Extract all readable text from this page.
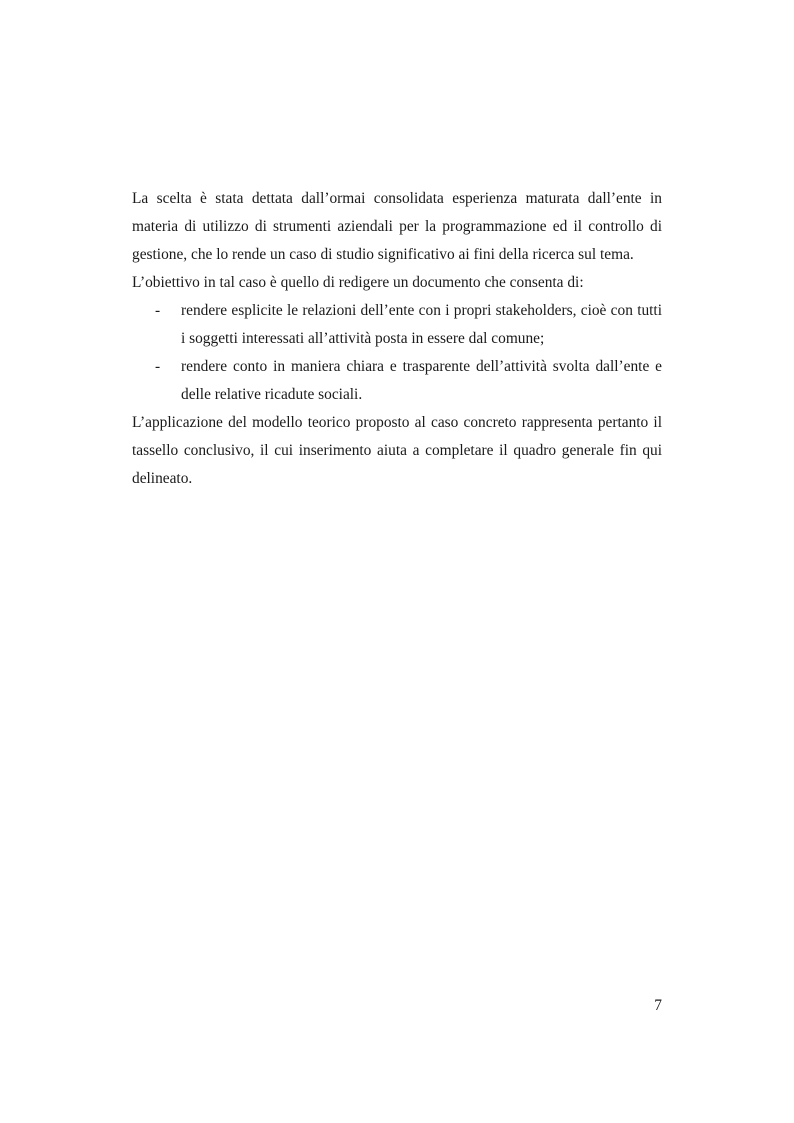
La scelta è stata dettata dall’ormai consolidata esperienza maturata dall’ente in materia di utilizzo di strumenti aziendali per la programmazione ed il controllo di gestione, che lo rende un caso di studio significativo ai fini della ricerca sul tema.

L’obiettivo in tal caso è quello di redigere un documento che consenta di:

- rendere esplicite le relazioni dell’ente con i propri stakeholders, cioè con tutti i soggetti interessati all’attività posta in essere dal comune;
- rendere conto in maniera chiara e trasparente dell’attività svolta dall’ente e delle relative ricadute sociali.

L’applicazione del modello teorico proposto al caso concreto rappresenta pertanto il tassello conclusivo, il cui inserimento aiuta a completare il quadro generale fin qui delineato.

7
